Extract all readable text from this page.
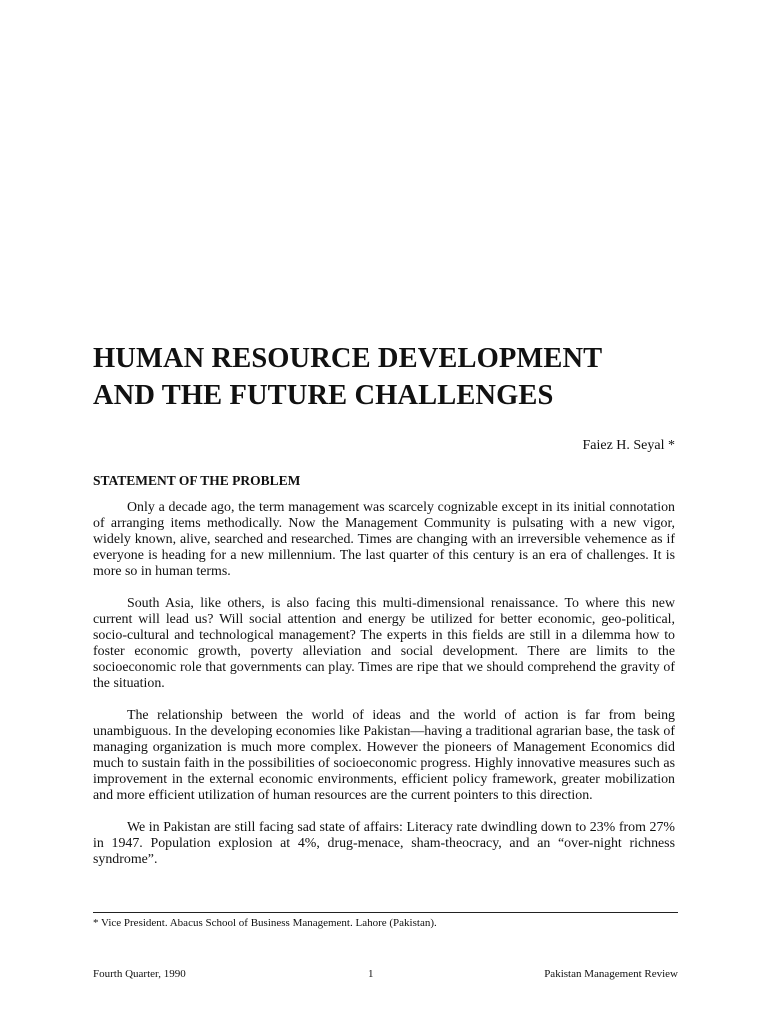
HUMAN RESOURCE DEVELOPMENT
AND THE FUTURE CHALLENGES
Faiez H. Seyal *
STATEMENT OF THE PROBLEM

Only a decade ago, the term management was scarcely cognizable except in its initial connotation of arranging items methodically. Now the Management Community is pulsating with a new vigor, widely known, alive, searched and researched. Times are changing with an irreversible vehemence as if everyone is heading for a new millennium. The last quarter of this century is an era of challenges. It is more so in human terms.

South Asia, like others, is also facing this multi-dimensional renaissance. To where this new current will lead us? Will social attention and energy be utilized for better economic, geo-political, socio-cultural and technological management? The experts in this fields are still in a dilemma how to foster economic growth, poverty alleviation and social development. There are limits to the socioeconomic role that governments can play. Times are ripe that we should comprehend the gravity of the situation.

The relationship between the world of ideas and the world of action is far from being unambiguous. In the developing economies like Pakistan—having a traditional agrarian base, the task of managing organization is much more complex. However the pioneers of Management Economics did much to sustain faith in the possibilities of socioeconomic progress. Highly innovative measures such as improvement in the external economic environments, efficient policy framework, greater mobilization and more efficient utilization of human resources are the current pointers to this direction.

We in Pakistan are still facing sad state of affairs: Literacy rate dwindling down to 23% from 27% in 1947. Population explosion at 4%, drug-menace, sham-theocracy, and an “over-night richness syndrome”.

* Vice President. Abacus School of Business Management. Lahore (Pakistan).
Fourth Quarter, 1990	1	Pakistan Management Review
